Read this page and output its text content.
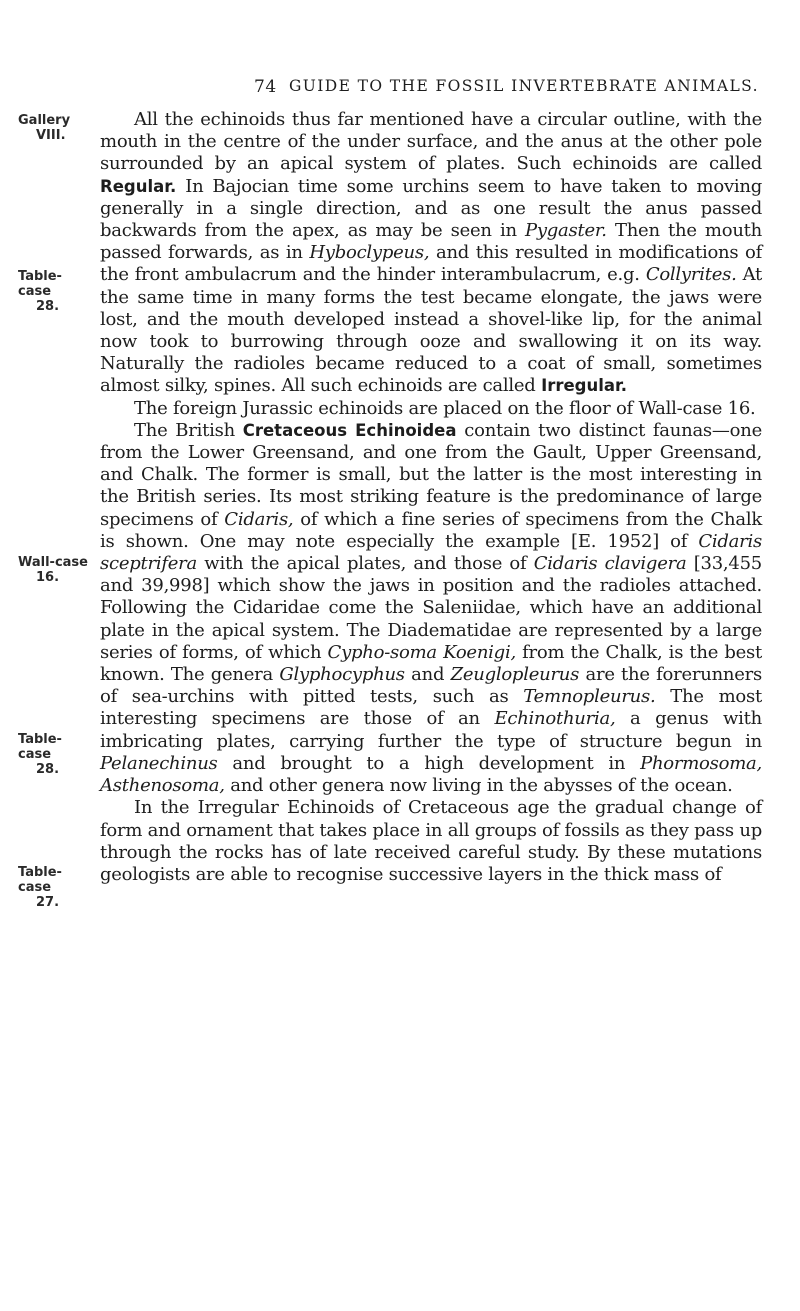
74 GUIDE TO THE FOSSIL INVERTEBRATE ANIMALS.
Gallery
VIII.
Table-case
28.
Wall-case
16.
Table-case
28.
Table-case
27.

All the echinoids thus far mentioned have a circular outline, with the mouth in the centre of the under surface, and the anus at the other pole surrounded by an apical system of plates. Such echinoids are called Regular. In Bajocian time some urchins seem to have taken to moving generally in a single direction, and as one result the anus passed backwards from the apex, as may be seen in Pygaster. Then the mouth passed forwards, as in Hyboclypeus, and this resulted in modifications of the front ambulacrum and the hinder interambulacrum, e.g. Collyrites. At the same time in many forms the test became elongate, the jaws were lost, and the mouth developed instead a shovel-like lip, for the animal now took to burrowing through ooze and swallowing it on its way. Naturally the radioles became reduced to a coat of small, sometimes almost silky, spines. All such echinoids are called Irregular.

The foreign Jurassic echinoids are placed on the floor of Wall-case 16.

The British Cretaceous Echinoidea contain two distinct faunas—one from the Lower Greensand, and one from the Gault, Upper Greensand, and Chalk. The former is small, but the latter is the most interesting in the British series. Its most striking feature is the predominance of large specimens of Cidaris, of which a fine series of specimens from the Chalk is shown. One may note especially the example [E. 1952] of Cidaris sceptrifera with the apical plates, and those of Cidaris clavigera [33,455 and 39,998] which show the jaws in position and the radioles attached. Following the Cidaridae come the Saleniidae, which have an additional plate in the apical system. The Diadematidae are represented by a large series of forms, of which Cypho-soma Koenigi, from the Chalk, is the best known. The genera Glyphocyphus and Zeuglopleurus are the forerunners of sea-urchins with pitted tests, such as Temnopleurus. The most interesting specimens are those of an Echinothuria, a genus with imbricating plates, carrying further the type of structure begun in Pelanechinus and brought to a high development in Phormosoma, Asthenosoma, and other genera now living in the abysses of the ocean.

In the Irregular Echinoids of Cretaceous age the gradual change of form and ornament that takes place in all groups of fossils as they pass up through the rocks has of late received careful study. By these mutations geologists are able to recognise successive layers in the thick mass of
